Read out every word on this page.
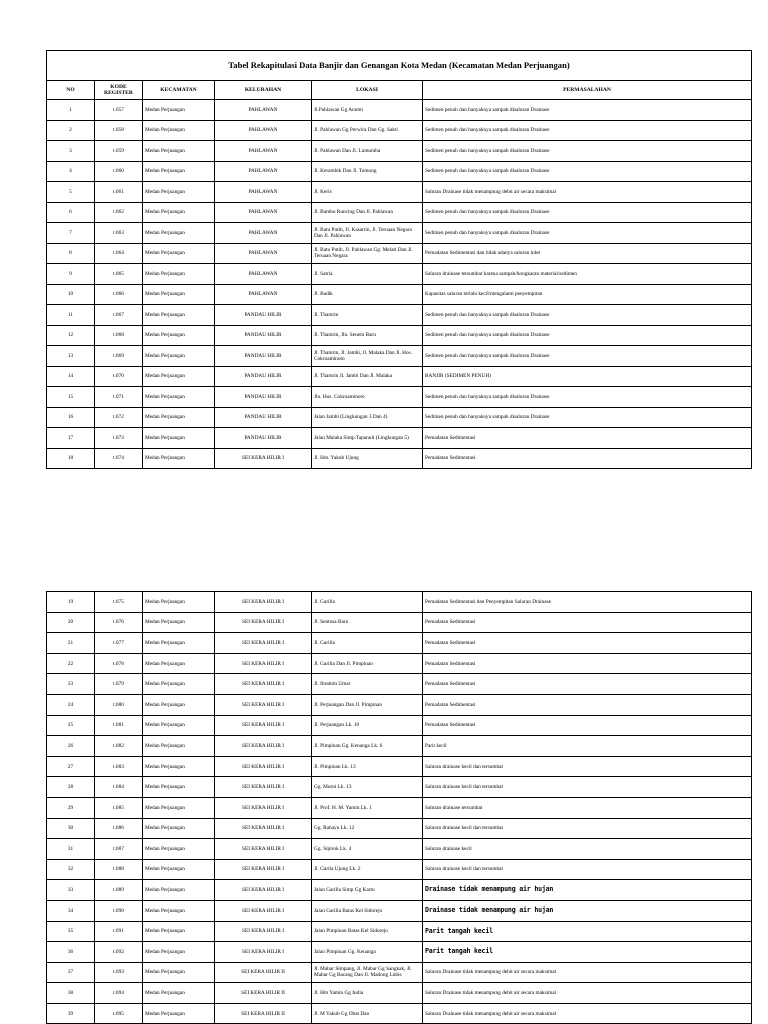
Tabel Rekapitulasi Data Banjir dan Genangan Kota Medan (Kecamatan Medan Perjuangan)					
NO	KODE REGISTER	KECAMATAN	KELURAHAN	LOKASI	PERMASALAHAN
1	t.057	Medan Perjuangan	PAHLAWAN	Jl.Pahlawan Gg Anomi	Sedimen penuh dan banyaknya sampah disaluran Drainase
2	t.058	Medan Perjuangan	PAHLAWAN	Jl. Pahlawan Gg Perwira Dan Gg. Sakti	Sedimen penuh dan banyaknya sampah disaluran Drainase
3	t.059	Medan Perjuangan	PAHLAWAN	Jl. Pahlawan Dan Jl. Lumumba	Sedimen penuh dan banyaknya sampah disaluran Drainase
4	t.060	Medan Perjuangan	PAHLAWAN	Jl. Kerambik Dan Jl. Tomong	Sedimen penuh dan banyaknya sampah disaluran Drainase
5	t.061	Medan Perjuangan	PAHLAWAN	Jl. Keris	Saluran Drainase tidak menampung debit air secara maksimal
6	t.062	Medan Perjuangan	PAHLAWAN	Jl. Bambu Runcing Dan Jl. Pahlawan	Sedimen penuh dan banyaknya sampah disaluran Drainase
7	t.063	Medan Perjuangan	PAHLAWAN	Jl. Batu Putih, Jl. Kasatrin, Jl. Teruaan Negara Dan Jl. Pahlawan	Sedimen penuh dan banyaknya sampah disaluran Drainase
8	t.064	Medan Perjuangan	PAHLAWAN	Jl. Batu Putih, Jl. Pahlawan Gg. Melati Dan Jl. Teruaan Negara	Pemadatan Sedimentasi dan tidak adanya saluran inlet
9	t.065	Medan Perjuangan	PAHLAWAN	Jl. Satria	Saluran drainase tersumbat karena sampah/bongkaran material/sedimen
10	t.066	Medan Perjuangan	PAHLAWAN	Jl. Badik	Kapasitas saluran terlalu kecil/mengalami penyempitan
11	t.067	Medan Perjuangan	PANDAU HILIR	Jl. Thamrin	Sedimen penuh dan banyaknya sampah disaluran Drainase
12	t.068	Medan Perjuangan	PANDAU HILIR	Jl. Thamrin, Jln. Senem Baru	Sedimen penuh dan banyaknya sampah disaluran Drainase
13	t.069	Medan Perjuangan	PANDAU HILIR	Jl. Thamrin, Jl. Jambi, Jl. Malaka Dan Jl. Hos. Cokroaminoto	Sedimen penuh dan banyaknya sampah disaluran Drainase
14	t.070	Medan Perjuangan	PANDAU HILIR	Jl. Thamrin Jl. Jambi Dan Jl. Malaka	BANJIR (SEDIMEN PENUH)
15	t.071	Medan Perjuangan	PANDAU HILIR	Jln. Hos. Cokroaminoto	Sedimen penuh dan banyaknya sampah disaluran Drainase
16	t.072	Medan Perjuangan	PANDAU HILIR	Jalan Jambi (Lingkungan 3 Dan 4)	Sedimen penuh dan banyaknya sampah disaluran Drainase
17	t.073	Medan Perjuangan	PANDAU HILIR	Jalan Malaka Simp.Tapanuli (Lingkungan 5)	Pemadatan Sedimentasi
18	t.074	Medan Perjuangan	SEI KERA HILIR I	Jl. Hm. Yakub Ujung	Pemadatan Sedimentasi
19	t.075	Medan Perjuangan	SEI KERA HILIR I	Jl. Garilla	Pemadatan Sedimentasi dan Penyempitan Saluran Drainase
20	t.076	Medan Perjuangan	SEI KERA HILIR I	Jl. Sentosa Baru	Pemadatan Sedimentasi
21	t.077	Medan Perjuangan	SEI KERA HILIR I	Jl. Garilla	Pemadatan Sedimentasi
22	t.078	Medan Perjuangan	SEI KERA HILIR I	Jl. Garilla Dan Jl. Pimpinan	Pemadatan Sedimentasi
23	t.079	Medan Perjuangan	SEI KERA HILIR I	Jl. Ibrahim Umar	Pemadatan Sedimentasi
24	t.080	Medan Perjuangan	SEI KERA HILIR I	Jl. Perjuangan Dan Jl. Pimpinan	Pemadatan Sedimentasi
25	t.081	Medan Perjuangan	SEI KERA HILIR I	Jl. Perjuangan Lk. 10	Pemadatan Sedimentasi
26	t.082	Medan Perjuangan	SEI KERA HILIR I	Jl. Pimpinan Gg. Kenanga Lk. 6	Parit kecil
27	t.083	Medan Perjuangan	SEI KERA HILIR I	Jl. Pimpinan Lk. 13	Saluran drainase kecil dan tersumbat
28	t.084	Medan Perjuangan	SEI KERA HILIR I	Gg. Murni Lk. 13	Saluran drainase kecil dan tersumbat
29	t.085	Medan Perjuangan	SEI KERA HILIR I	Jl. Prof. H. M. Yamin Lk. 1	Saluran drainase tersumbat
30	t.086	Medan Perjuangan	SEI KERA HILIR I	Gg. Rahayu Lk. 12	Saluran drainase kecil dan tersumbat
31	t.087	Medan Perjuangan	SEI KERA HILIR I	Gg. Sipirok Lk. 4	Saluran drainase kecil
32	t.088	Medan Perjuangan	SEI KERA HILIR I	Jl. Garila Ujung Lk. 2	Saluran drainase kecil dan tersumbat
33	t.089	Medan Perjuangan	SEI KERA HILIR I	Jalan Garilla Simp Gg Karto	Drainase tidak menampung air hujan
34	t.090	Medan Perjuangan	SEI KERA HILIR I	Jalan Garilla Batas Kel Sidorejo	Drainase tidak menampung air hujan
35	t.091	Medan Perjuangan	SEI KERA HILIR I	Jalan Pimpinan Batas Kel Sidorejo	Parit tangah kecil
36	t.092	Medan Perjuangan	SEI KERA HILIR I	Jalan Pimpinan Gg. Kenanga	Parit tangah kecil
37	t.093	Medan Perjuangan	SEI KERA HILIR II	Jl. Mabar Simpang, Jl. Mabar Gg Sangkak, Jl. Mabar Gg Bacang Dan Jl. Madong Lubis	Saluran Drainase tidak menampung debit air secara maksimal
38	t.094	Medan Perjuangan	SEI KERA HILIR II	Jl. Hm Yamin Gg India	Saluran Drainase tidak menampung debit air secara maksimal
39	t.095	Medan Perjuangan	SEI KERA HILIR II	Jl. M Yakub Gg Obat Dan	Saluran Drainase tidak menampung debit air secara maksimal
